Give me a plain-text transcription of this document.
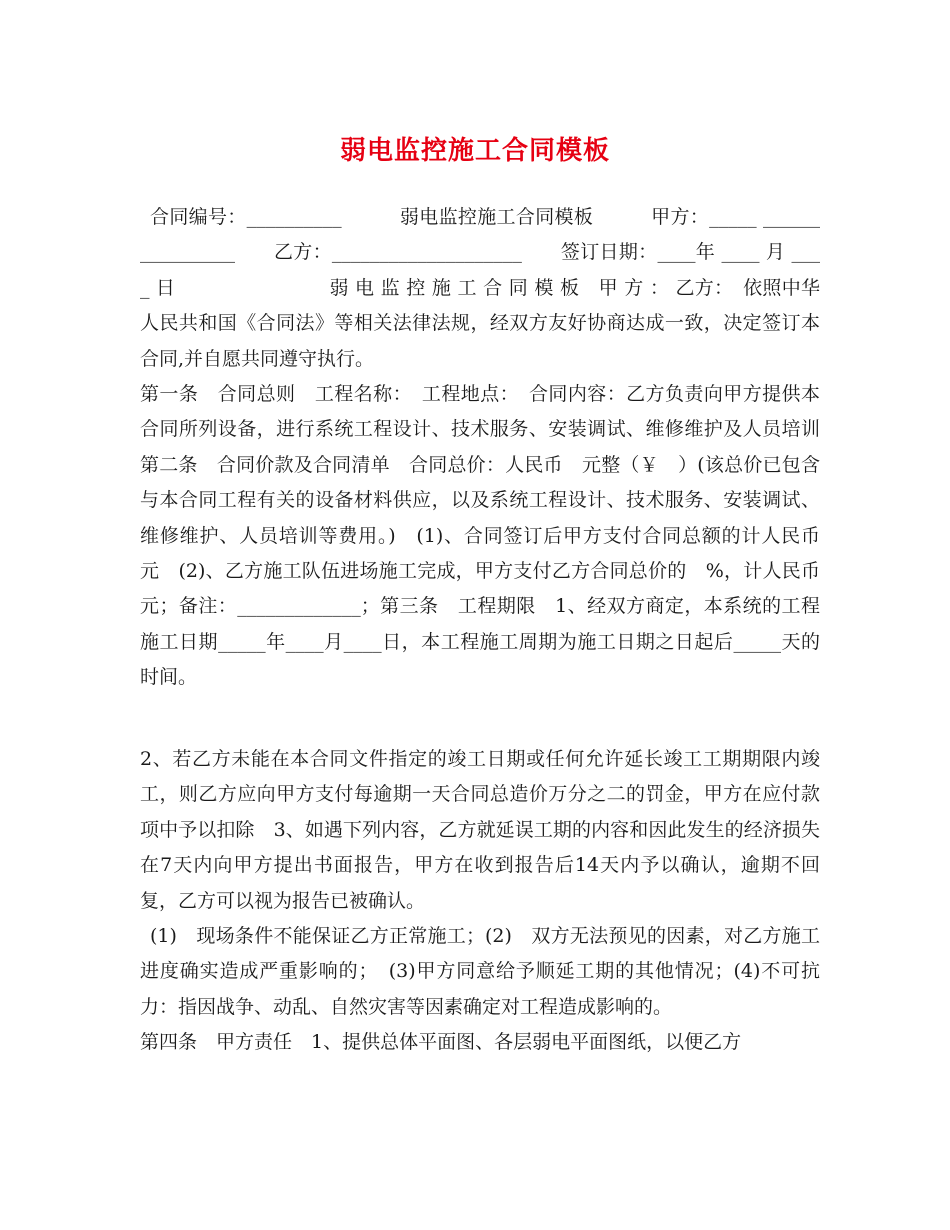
弱电监控施工合同模板

合同编号：__________　　　弱电监控施工合同模板　　　甲方：_____ ________________　　乙方：____________________　　签订日期：____年 ____ 月 ____ 日　　　　　　　　弱 电 监 控 施 工 合 同 模 板　甲 方 ： 乙方：　依照中华人民共和国《合同法》等相关法律法规，经双方友好协商达成一致，决定签订本合同,并自愿共同遵守执行。

第一条　合同总则　工程名称：　工程地点：　合同内容：乙方负责向甲方提供本合同所列设备，进行系统工程设计、技术服务、安装调试、维修维护及人员培训　第二条　合同价款及合同清单　合同总价：人民币　元整（￥　）(该总价已包含与本合同工程有关的设备材料供应，以及系统工程设计、技术服务、安装调试、维修维护、人员培训等费用。)　(1)、合同签订后甲方支付合同总额的计人民币　元　(2)、乙方施工队伍进场施工完成，甲方支付乙方合同总价的　%，计人民币　元；备注：_____________；第三条　工程期限　1、经双方商定，本系统的工程施工日期_____年____月____日，本工程施工周期为施工日期之日起后_____天的时间。

2、若乙方未能在本合同文件指定的竣工日期或任何允许延长竣工工期期限内竣工，则乙方应向甲方支付每逾期一天合同总造价万分之二的罚金，甲方在应付款项中予以扣除　3、如遇下列内容，乙方就延误工期的内容和因此发生的经济损失在7天内向甲方提出书面报告，甲方在收到报告后14天内予以确认，逾期不回复，乙方可以视为报告已被确认。

(1)　现场条件不能保证乙方正常施工；(2)　双方无法预见的因素，对乙方施工进度确实造成严重影响的；　(3)甲方同意给予顺延工期的其他情况；(4)不可抗力：指因战争、动乱、自然灾害等因素确定对工程造成影响的。

第四条　甲方责任　1、提供总体平面图、各层弱电平面图纸，以便乙方
